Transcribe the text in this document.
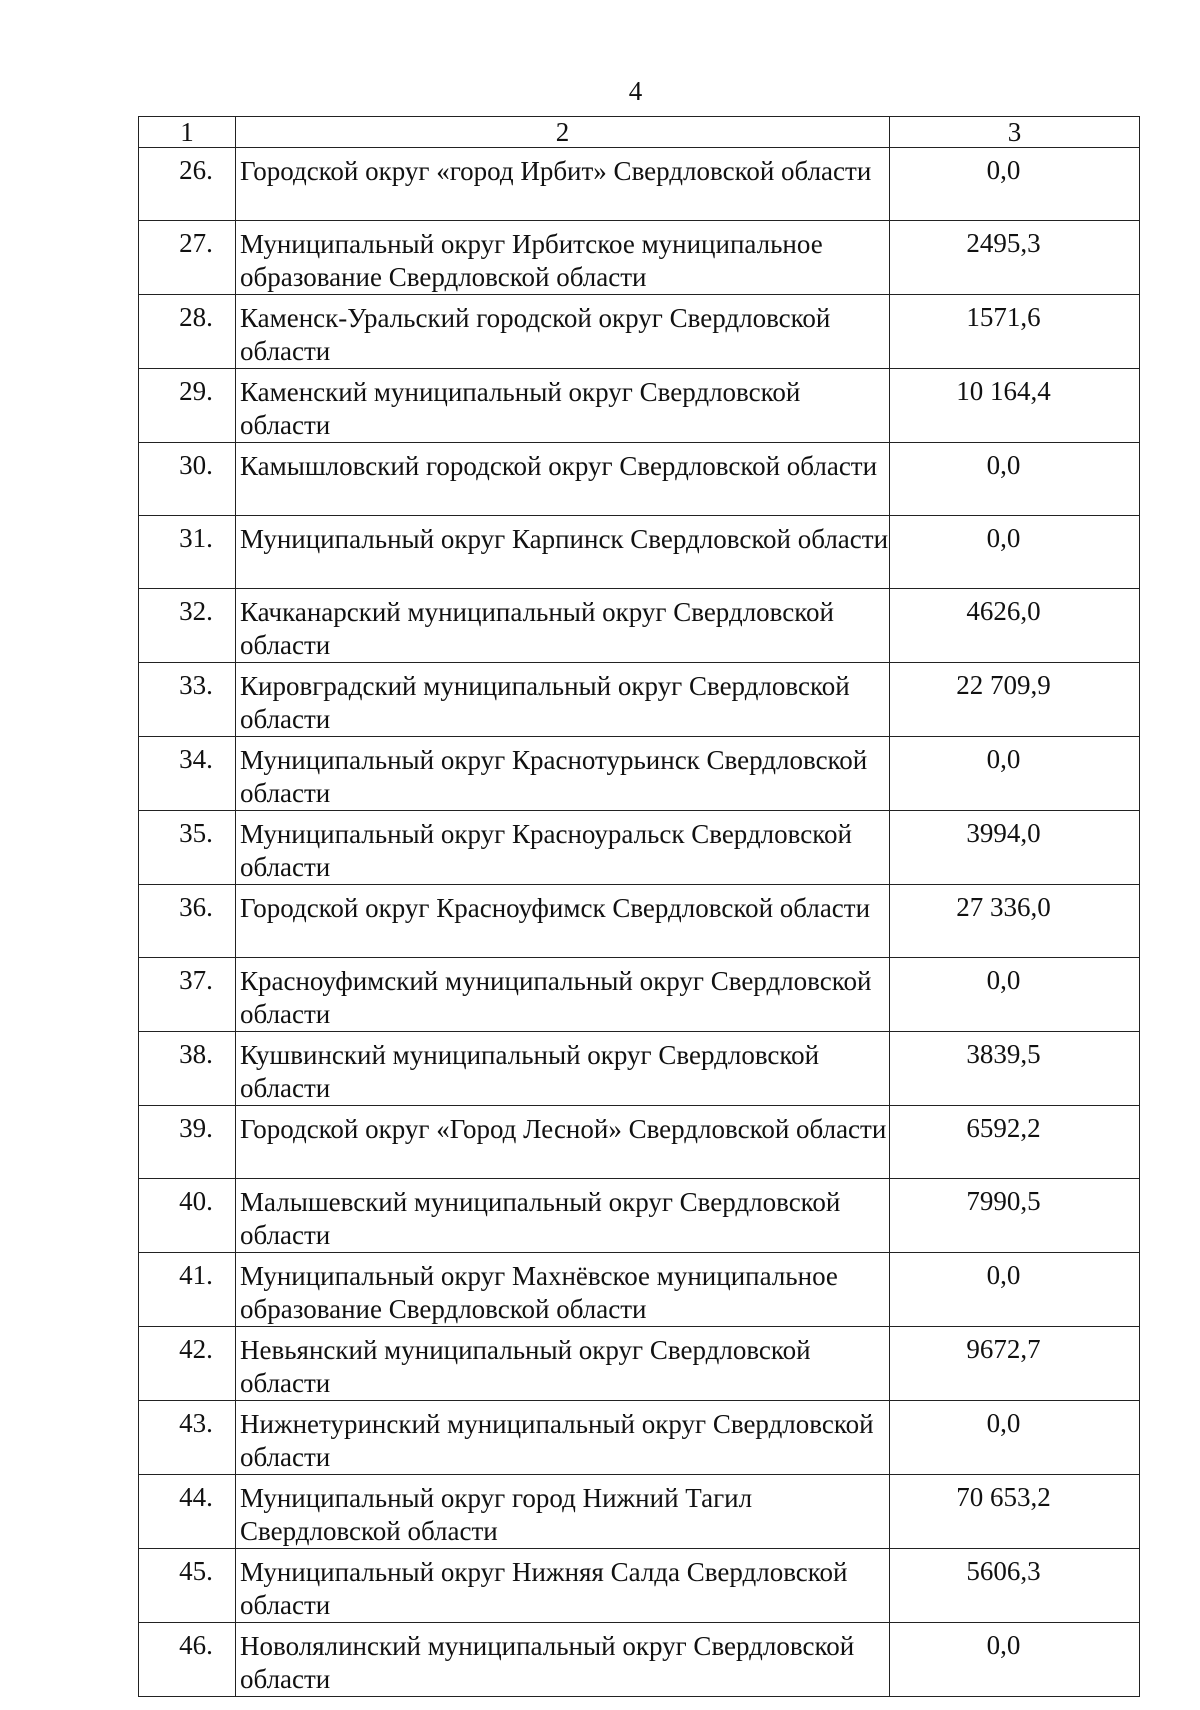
4
1	2	3
26.	Городской округ «город Ирбит» Свердловской области	0,0
27.	Муниципальный округ Ирбитское муниципальное образование Свердловской области	2495,3
28.	Каменск-Уральский городской округ Свердловской области	1571,6
29.	Каменский муниципальный округ Свердловской области	10 164,4
30.	Камышловский городской округ Свердловской области	0,0
31.	Муниципальный округ Карпинск Свердловской области	0,0
32.	Качканарский муниципальный округ Свердловской области	4626,0
33.	Кировградский муниципальный округ Свердловской области	22 709,9
34.	Муниципальный округ Краснотурьинск Свердловской области	0,0
35.	Муниципальный округ Красноуральск Свердловской области	3994,0
36.	Городской округ Красноуфимск Свердловской области	27 336,0
37.	Красноуфимский муниципальный округ Свердловской области	0,0
38.	Кушвинский муниципальный округ Свердловской области	3839,5
39.	Городской округ «Город Лесной» Свердловской области	6592,2
40.	Малышевский муниципальный округ Свердловской области	7990,5
41.	Муниципальный округ Махнёвское муниципальное образование Свердловской области	0,0
42.	Невьянский муниципальный округ Свердловской области	9672,7
43.	Нижнетуринский муниципальный округ Свердловской области	0,0
44.	Муниципальный округ город Нижний Тагил Свердловской области	70 653,2
45.	Муниципальный округ Нижняя Салда Свердловской области	5606,3
46.	Новолялинский муниципальный округ Свердловской области	0,0
